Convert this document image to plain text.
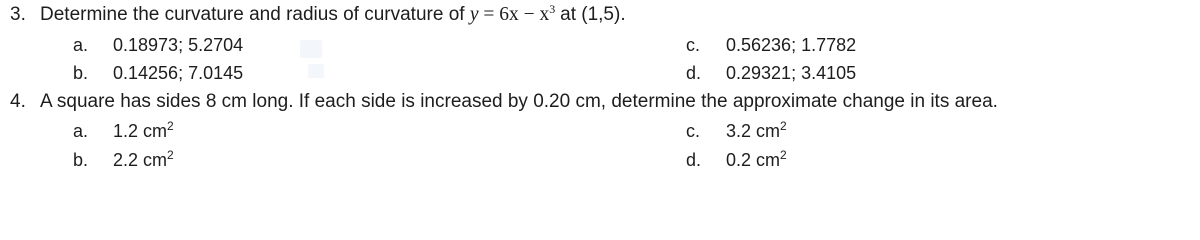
3. Determine the curvature and radius of curvature of $y = 6x - x^3$ at (1,5).
a. 0.18973; 5.2704
b. 0.14256; 7.0145
c. 0.56236; 1.7782
d. 0.29321; 3.4105
4. A square has sides 8 cm long. If each side is increased by 0.20 cm, determine the approximate change in its area.
a. 1.2 $cm^2$
b. 2.2 $cm^2$
c. 3.2 $cm^2$
d. 0.2 $cm^2$
